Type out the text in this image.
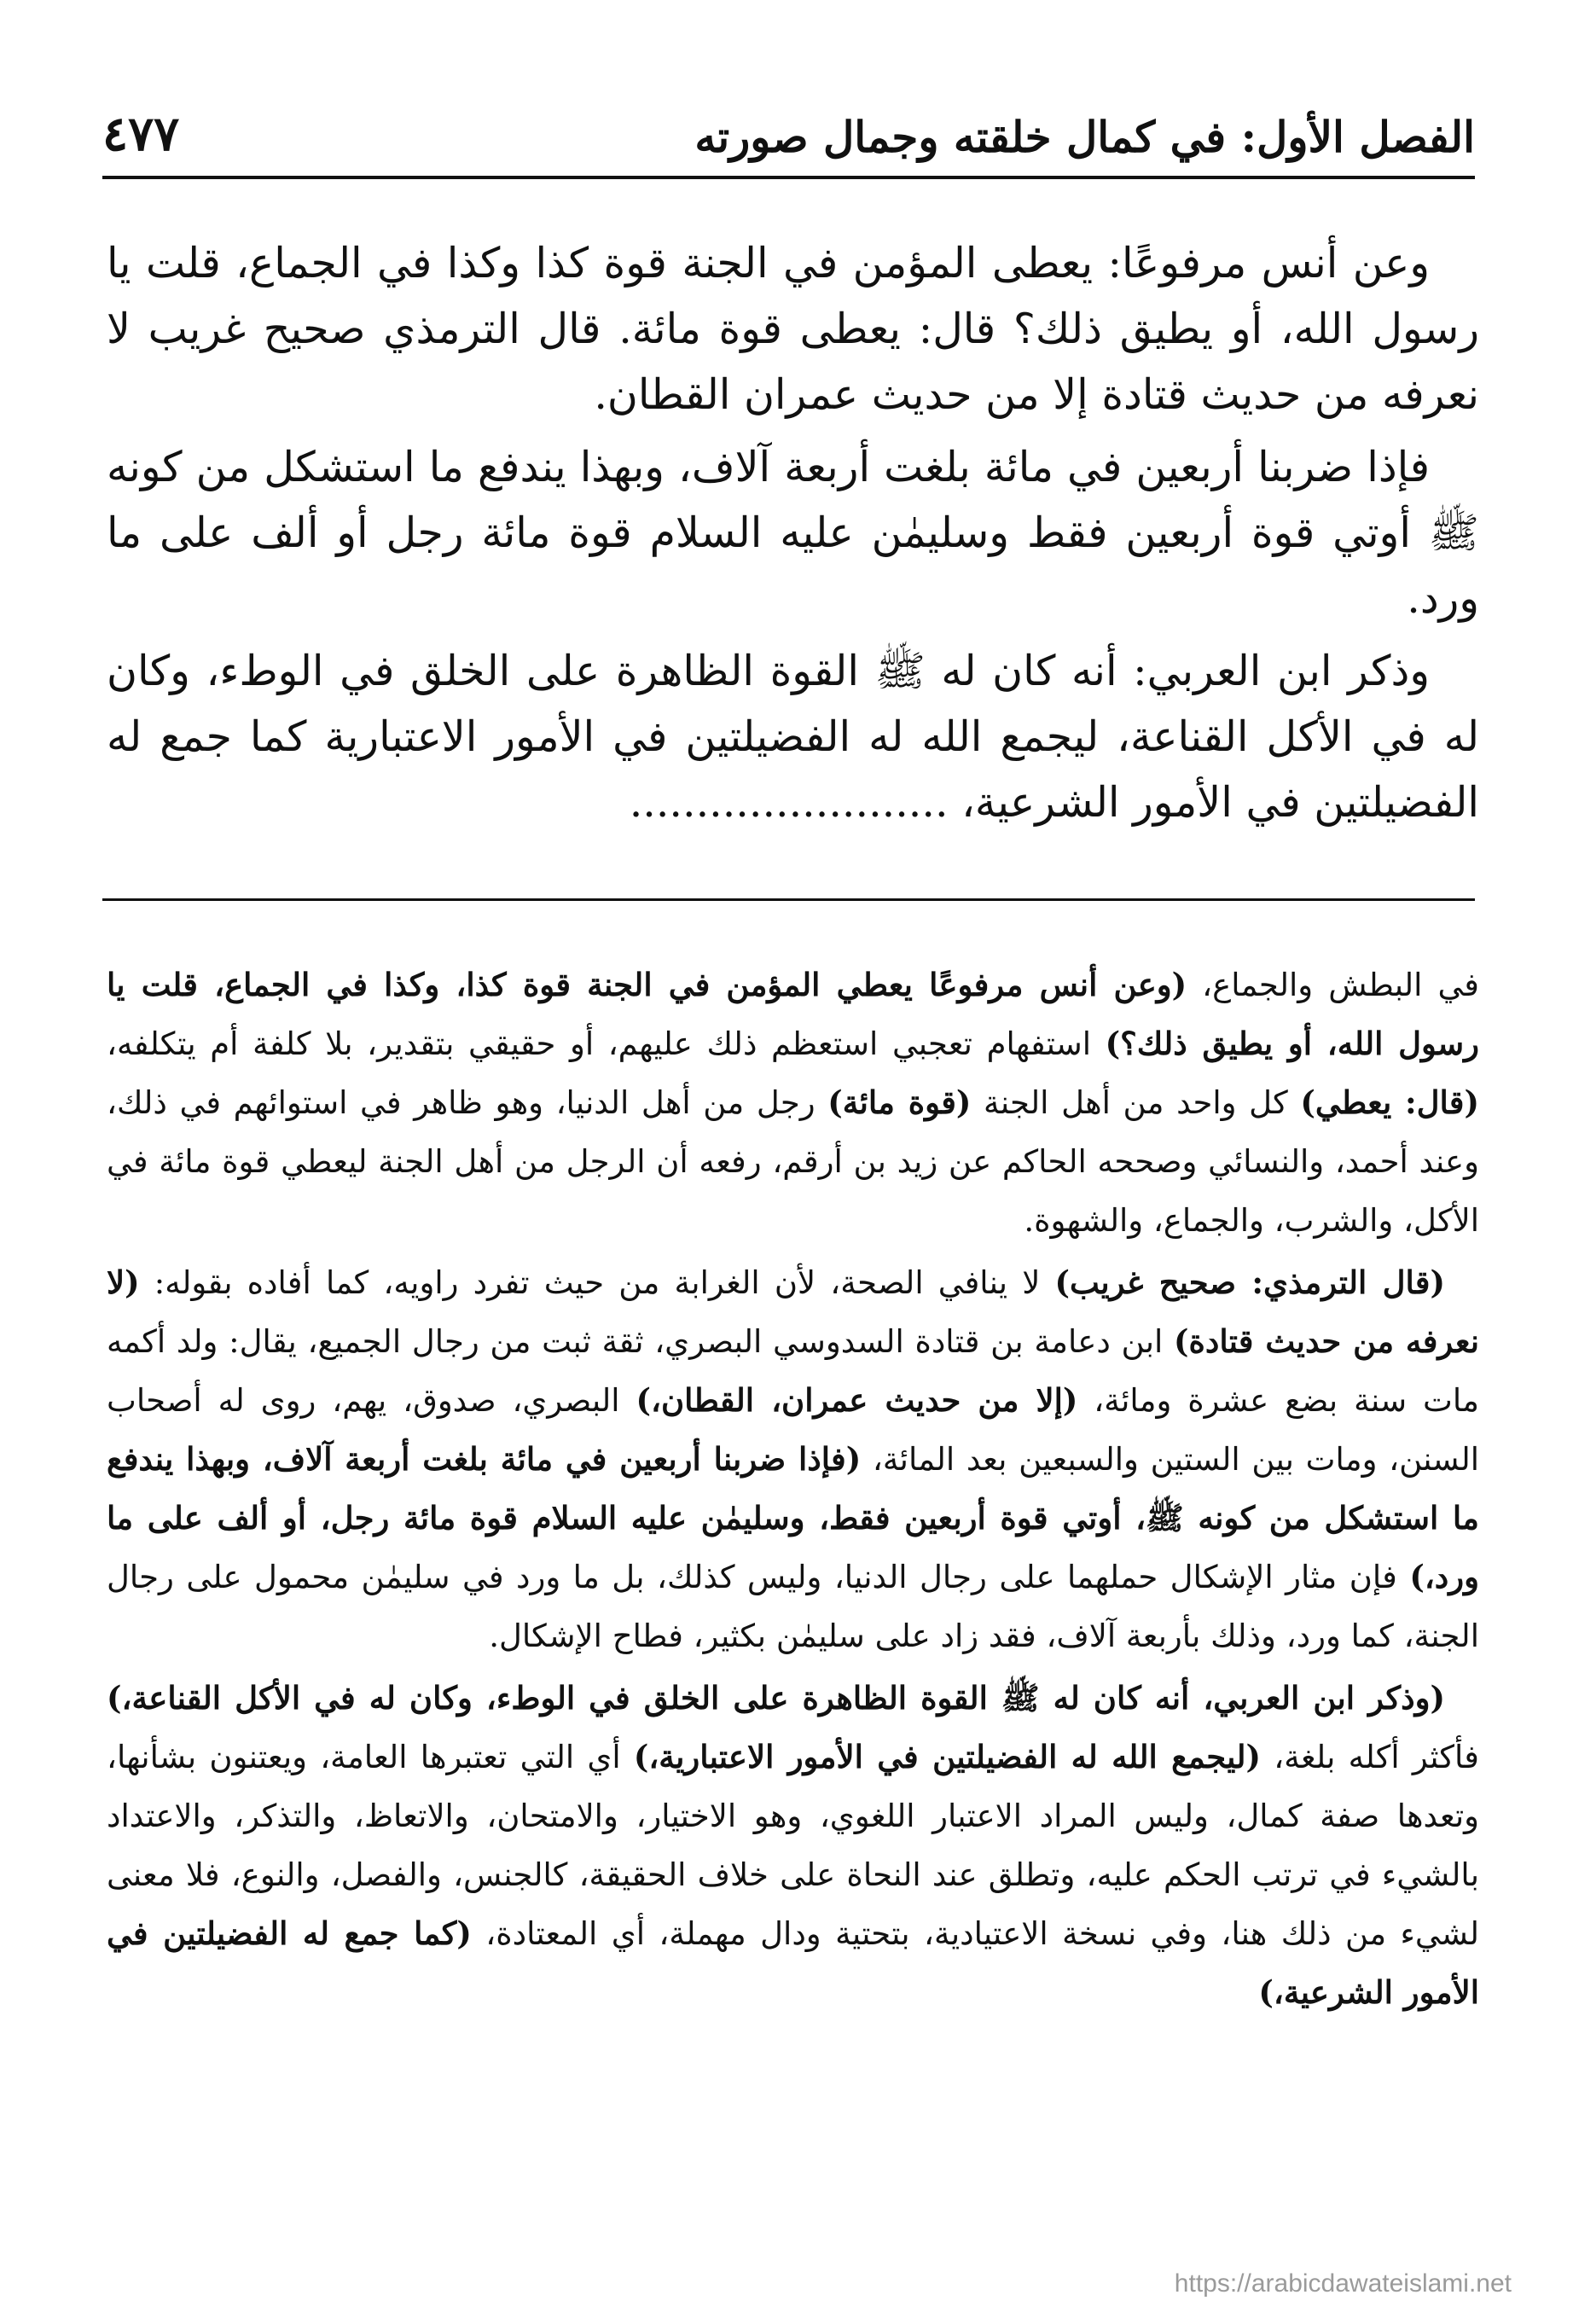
الفصل الأول: في كمال خلقته وجمال صورته
٤٧٧

وعن أنس مرفوعًا: يعطى المؤمن في الجنة قوة كذا وكذا في الجماع، قلت يا رسول الله، أو يطيق ذلك؟ قال: يعطى قوة مائة. قال الترمذي صحيح غريب لا نعرفه من حديث قتادة إلا من حديث عمران القطان.

فإذا ضربنا أربعين في مائة بلغت أربعة آلاف، وبهذا يندفع ما استشكل من كونه ﷺ أوتي قوة أربعين فقط وسليمٰن عليه السلام قوة مائة رجل أو ألف على ما ورد.

وذكر ابن العربي: أنه كان له ﷺ القوة الظاهرة على الخلق في الوطء، وكان له في الأكل القناعة، ليجمع الله له الفضيلتين في الأمور الاعتبارية كما جمع له الفضيلتين في الأمور الشرعية، ........................

في البطش والجماع، (وعن أنس مرفوعًا يعطي المؤمن في الجنة قوة كذا، وكذا في الجماع، قلت يا رسول الله، أو يطيق ذلك؟) استفهام تعجبي استعظم ذلك عليهم، أو حقيقي بتقدير، بلا كلفة أم يتكلفه، (قال: يعطي) كل واحد من أهل الجنة (قوة مائة) رجل من أهل الدنيا، وهو ظاهر في استوائهم في ذلك، وعند أحمد، والنسائي وصححه الحاكم عن زيد بن أرقم، رفعه أن الرجل من أهل الجنة ليعطي قوة مائة في الأكل، والشرب، والجماع، والشهوة.

(قال الترمذي: صحيح غريب) لا ينافي الصحة، لأن الغرابة من حيث تفرد راويه، كما أفاده بقوله: (لا نعرفه من حديث قتادة) ابن دعامة بن قتادة السدوسي البصري، ثقة ثبت من رجال الجميع، يقال: ولد أكمه مات سنة بضع عشرة ومائة، (إلا من حديث عمران، القطان،) البصري، صدوق، يهم، روى له أصحاب السنن، ومات بين الستين والسبعين بعد المائة، (فإذا ضربنا أربعين في مائة بلغت أربعة آلاف، وبهذا يندفع ما استشكل من كونه ﷺ، أوتي قوة أربعين فقط، وسليمٰن عليه السلام قوة مائة رجل، أو ألف على ما ورد،) فإن مثار الإشكال حملهما على رجال الدنيا، وليس كذلك، بل ما ورد في سليمٰن محمول على رجال الجنة، كما ورد، وذلك بأربعة آلاف، فقد زاد على سليمٰن بكثير، فطاح الإشكال.

(وذكر ابن العربي، أنه كان له ﷺ القوة الظاهرة على الخلق في الوطء، وكان له في الأكل القناعة،) فأكثر أكله بلغة، (ليجمع الله له الفضيلتين في الأمور الاعتبارية،) أي التي تعتبرها العامة، ويعتنون بشأنها، وتعدها صفة كمال، وليس المراد الاعتبار اللغوي، وهو الاختيار، والامتحان، والاتعاظ، والتذكر، والاعتداد بالشيء في ترتب الحكم عليه، وتطلق عند النحاة على خلاف الحقيقة، كالجنس، والفصل، والنوع، فلا معنى لشيء من ذلك هنا، وفي نسخة الاعتيادية، بتحتية ودال مهملة، أي المعتادة، (كما جمع له الفضيلتين في الأمور الشرعية،)

https://arabicdawateislami.net
